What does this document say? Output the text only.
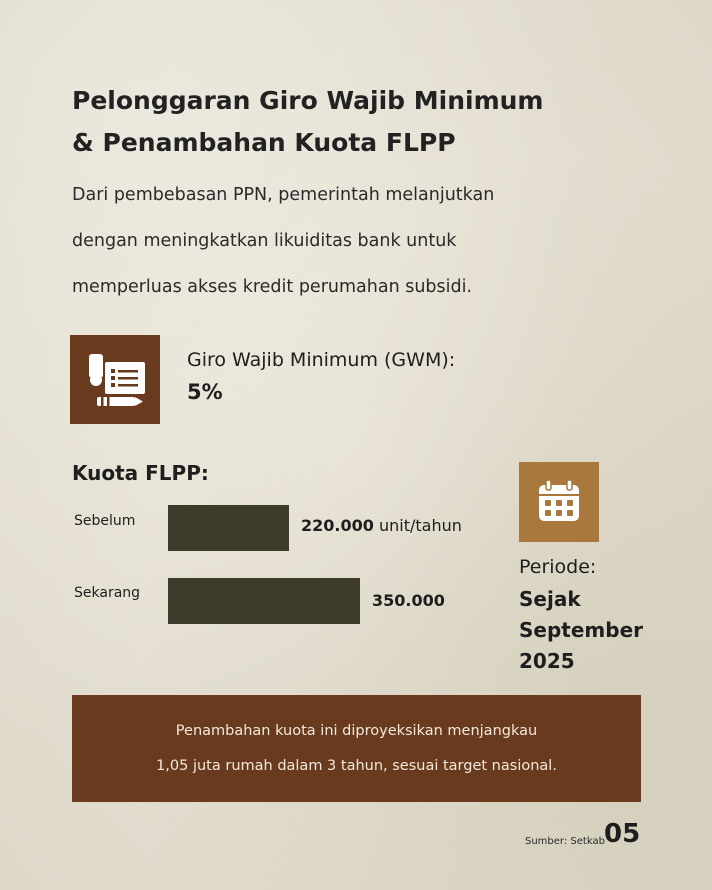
Pelonggaran Giro Wajib Minimum
& Penambahan Kuota FLPP
Dari pembebasan PPN, pemerintah melanjutkan
dengan meningkatkan likuiditas bank untuk
memperluas akses kredit perumahan subsidi.
Giro Wajib Minimum (GWM):
5%
Kuota FLPP:
Sebelum	220.000 unit/tahun
Sekarang	350.000
Periode:
Sejak September 2025
Penambahan kuota ini diproyeksikan menjangkau
1,05 juta rumah dalam 3 tahun, sesuai target nasional.
Sumber: Setkab 05
